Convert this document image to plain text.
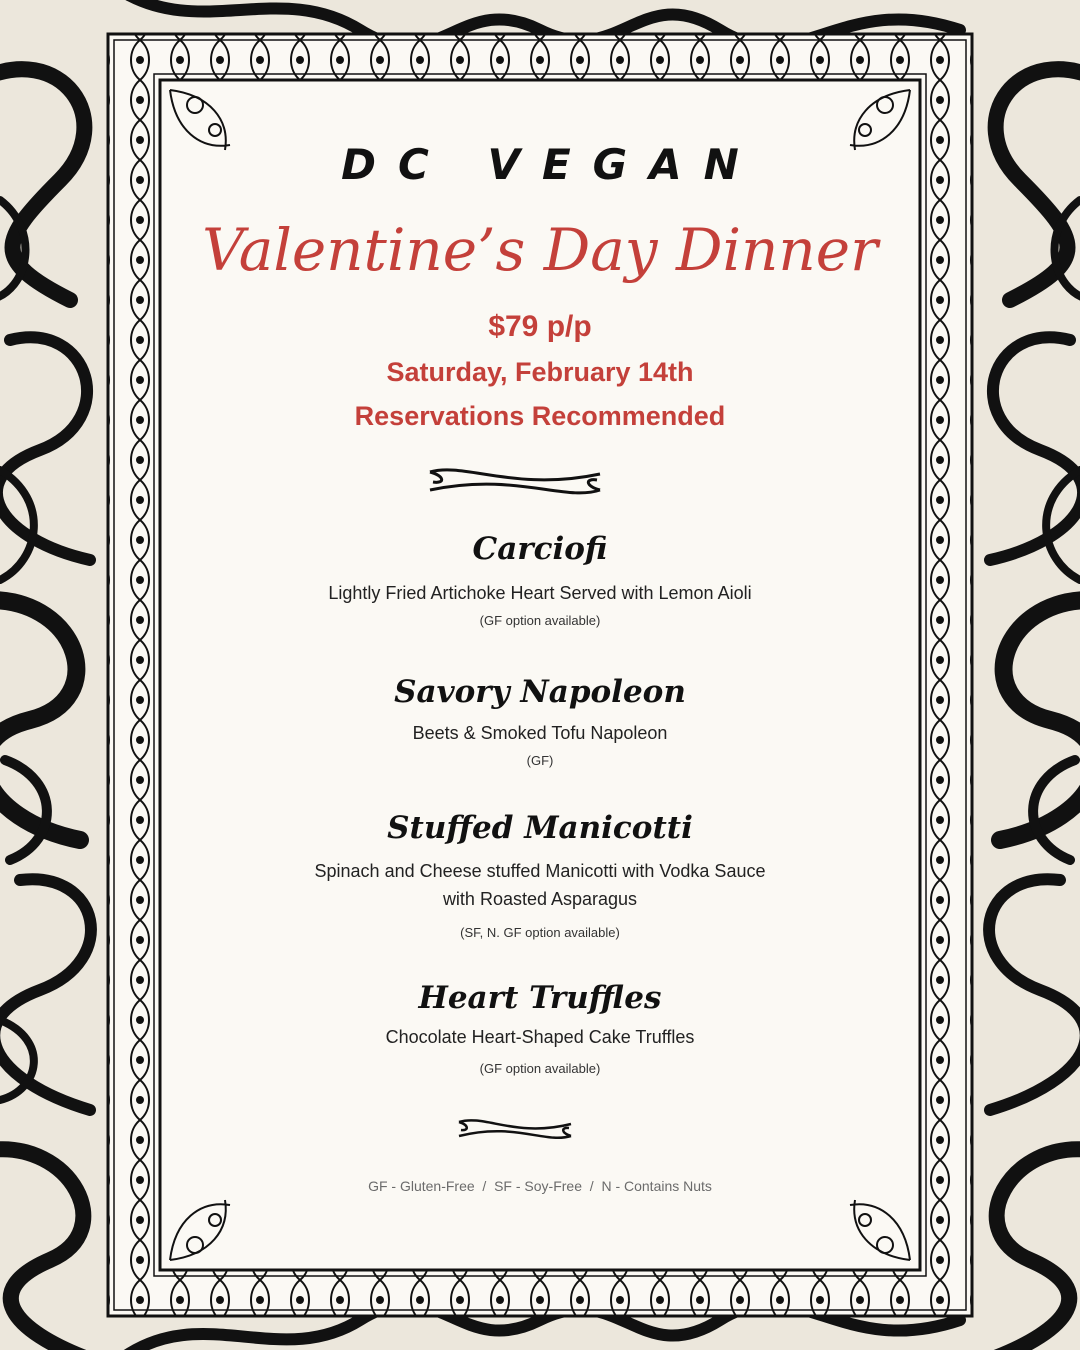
DC VEGAN
Valentine’s Day Dinner
$79 p/p
Saturday, February 14th
Reservations Recommended
Carciofi
Lightly Fried Artichoke Heart Served with Lemon Aioli
(GF option available)
Savory Napoleon
Beets & Smoked Tofu Napoleon
(GF)
Stuffed Manicotti
Spinach and Cheese stuffed Manicotti with Vodka Sauce
with Roasted Asparagus
(SF, N. GF option available)
Heart Truffles
Chocolate Heart-Shaped Cake Truffles
(GF option available)
GF - Gluten-Free  /  SF - Soy-Free  /  N - Contains Nuts
